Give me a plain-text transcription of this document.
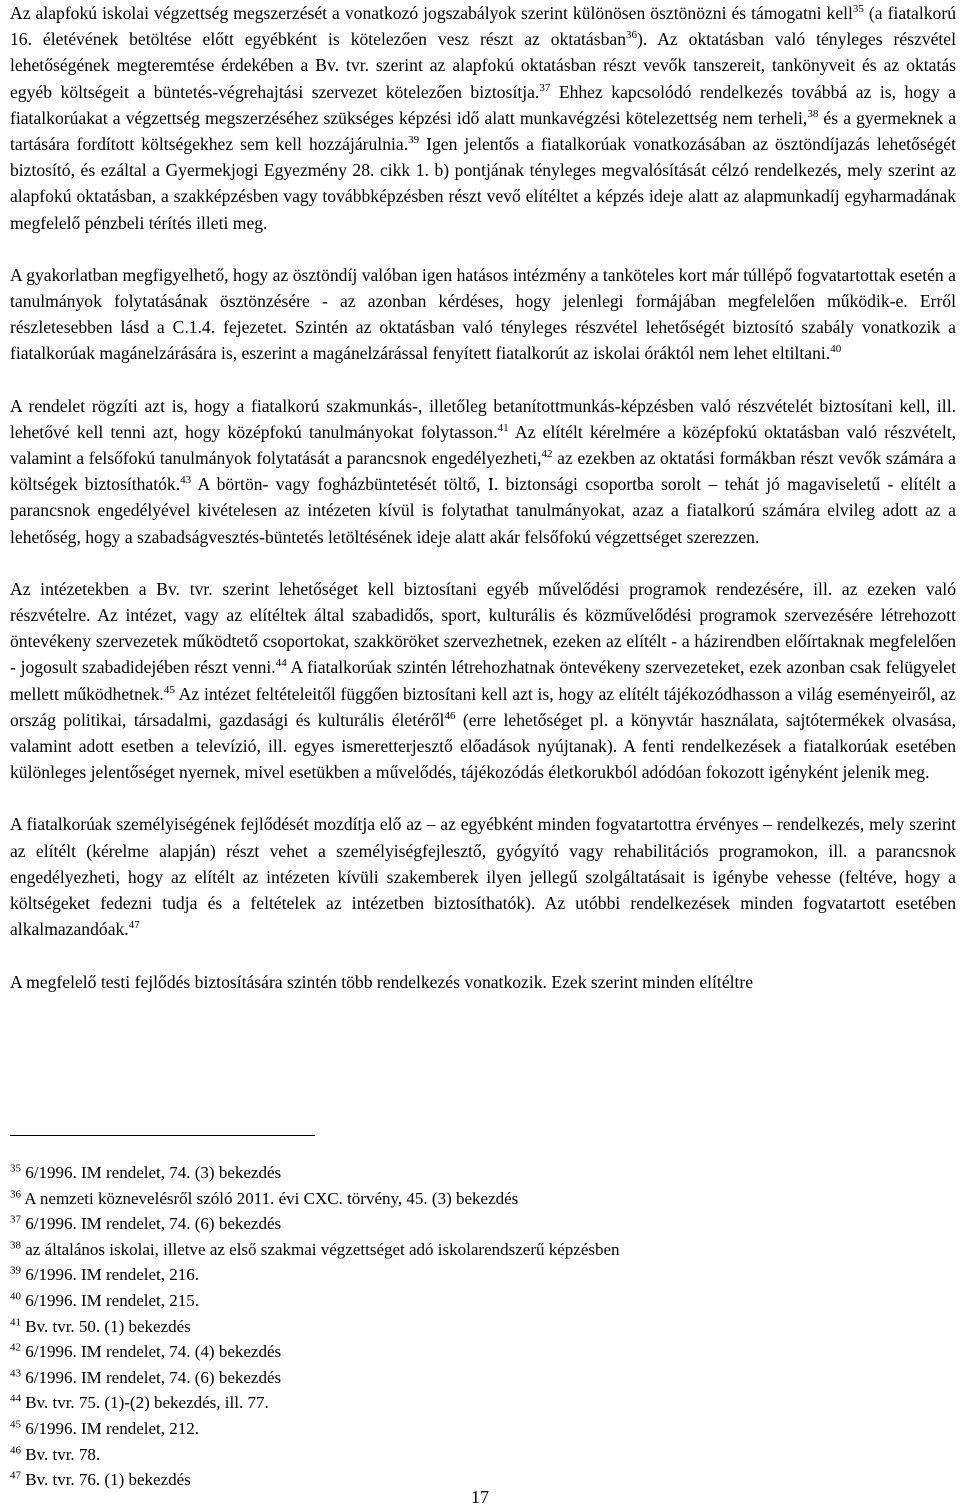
Az alapfokú iskolai végzettség megszerzését a vonatkozó jogszabályok szerint különösen ösztönözni és támogatni kell$^{35}$ (a fiatalkorú 16. életévének betöltése előtt egyébként is kötelezően vesz részt az oktatásban$^{36}$). Az oktatásban való tényleges részvétel lehetőségének megteremtése érdekében a Bv. tvr. szerint az alapfokú oktatásban részt vevők tanszereit, tankönyveit és az oktatás egyéb költségeit a büntetés-végrehajtási szervezet kötelezően biztosítja.$^{37}$ Ehhez kapcsolódó rendelkezés továbbá az is, hogy a fiatalkorúakat a végzettség megszerzéséhez szükséges képzési idő alatt munkavégzési kötelezettség nem terheli,$^{38}$ és a gyermeknek a tartására fordított költségekhez sem kell hozzájárulnia.$^{39}$ Igen jelentős a fiatalkorúak vonatkozásában az ösztöndíjazás lehetőségét biztosító, és ezáltal a Gyermekjogi Egyezmény 28. cikk 1. b) pontjának tényleges megvalósítását célzó rendelkezés, mely szerint az alapfokú oktatásban, a szakképzésben vagy továbbképzésben részt vevő elítéltet a képzés ideje alatt az alapmunkadíj egyharmadának megfelelő pénzbeli térítés illeti meg.

A gyakorlatban megfigyelhető, hogy az ösztöndíj valóban igen hatásos intézmény a tanköteles kort már túllépő fogvatartottak esetén a tanulmányok folytatásának ösztönzésére - az azonban kérdéses, hogy jelenlegi formájában megfelelően működik-e. Erről részletesebben lásd a C.1.4. fejezetet. Szintén az oktatásban való tényleges részvétel lehetőségét biztosító szabály vonatkozik a fiatalkorúak magánelzárására is, eszerint a magánelzárással fenyített fiatalkorút az iskolai óráktól nem lehet eltiltani.$^{40}$

A rendelet rögzíti azt is, hogy a fiatalkorú szakmunkás-, illetőleg betanítottmunkás-képzésben való részvételét biztosítani kell, ill. lehetővé kell tenni azt, hogy középfokú tanulmányokat folytasson.$^{41}$ Az elítélt kérelmére a középfokú oktatásban való részvételt, valamint a felsőfokú tanulmányok folytatását a parancsnok engedélyezheti,$^{42}$ az ezekben az oktatási formákban részt vevők számára a költségek biztosíthatók.$^{43}$ A börtön- vagy fogházbüntetését töltő, I. biztonsági csoportba sorolt – tehát jó magaviseletű - elítélt a parancsnok engedélyével kivételesen az intézeten kívül is folytathat tanulmányokat, azaz a fiatalkorú számára elvileg adott az a lehetőség, hogy a szabadságvesztés-büntetés letöltésének ideje alatt akár felsőfokú végzettséget szerezzen.

Az intézetekben a Bv. tvr. szerint lehetőséget kell biztosítani egyéb művelődési programok rendezésére, ill. az ezeken való részvételre. Az intézet, vagy az elítéltek által szabadidős, sport, kulturális és közművelődési programok szervezésére létrehozott öntevékeny szervezetek működtető csoportokat, szakköröket szervezhetnek, ezeken az elítélt - a házirendben előírtaknak megfelelően - jogosult szabadidejében részt venni.$^{44}$ A fiatalkorúak szintén létrehozhatnak öntevékeny szervezeteket, ezek azonban csak felügyelet mellett működhetnek.$^{45}$ Az intézet feltételeitől függően biztosítani kell azt is, hogy az elítélt tájékozódhasson a világ eseményeiről, az ország politikai, társadalmi, gazdasági és kulturális életéről$^{46}$ (erre lehetőséget pl. a könyvtár használata, sajtótermékek olvasása, valamint adott esetben a televízió, ill. egyes ismeretterjesztő előadások nyújtanak). A fenti rendelkezések a fiatalkorúak esetében különleges jelentőséget nyernek, mivel esetükben a művelődés, tájékozódás életkorukból adódóan fokozott igényként jelenik meg.

A fiatalkorúak személyiségének fejlődését mozdítja elő az – az egyébként minden fogvatartottra érvényes – rendelkezés, mely szerint az elítélt (kérelme alapján) részt vehet a személyiségfejlesztő, gyógyító vagy rehabilitációs programokon, ill. a parancsnok engedélyezheti, hogy az elítélt az intézeten kívüli szakemberek ilyen jellegű szolgáltatásait is igénybe vehesse (feltéve, hogy a költségeket fedezni tudja és a feltételek az intézetben biztosíthatók). Az utóbbi rendelkezések minden fogvatartott esetében alkalmazandóak.$^{47}$

A megfelelő testi fejlődés biztosítására szintén több rendelkezés vonatkozik. Ezek szerint minden elítéltre

$^{35}$ 6/1996. IM rendelet, 74. (3) bekezdés
$^{36}$ A nemzeti köznevelésről szóló 2011. évi CXC. törvény, 45. (3) bekezdés
$^{37}$ 6/1996. IM rendelet, 74. (6) bekezdés
$^{38}$ az általános iskolai, illetve az első szakmai végzettséget adó iskolarendszerű képzésben
$^{39}$ 6/1996. IM rendelet, 216.
$^{40}$ 6/1996. IM rendelet, 215.
$^{41}$ Bv. tvr. 50. (1) bekezdés
$^{42}$ 6/1996. IM rendelet, 74. (4) bekezdés
$^{43}$ 6/1996. IM rendelet, 74. (6) bekezdés
$^{44}$ Bv. tvr. 75. (1)-(2) bekezdés, ill. 77.
$^{45}$ 6/1996. IM rendelet, 212.
$^{46}$ Bv. tvr. 78.
$^{47}$ Bv. tvr. 76. (1) bekezdés
17
